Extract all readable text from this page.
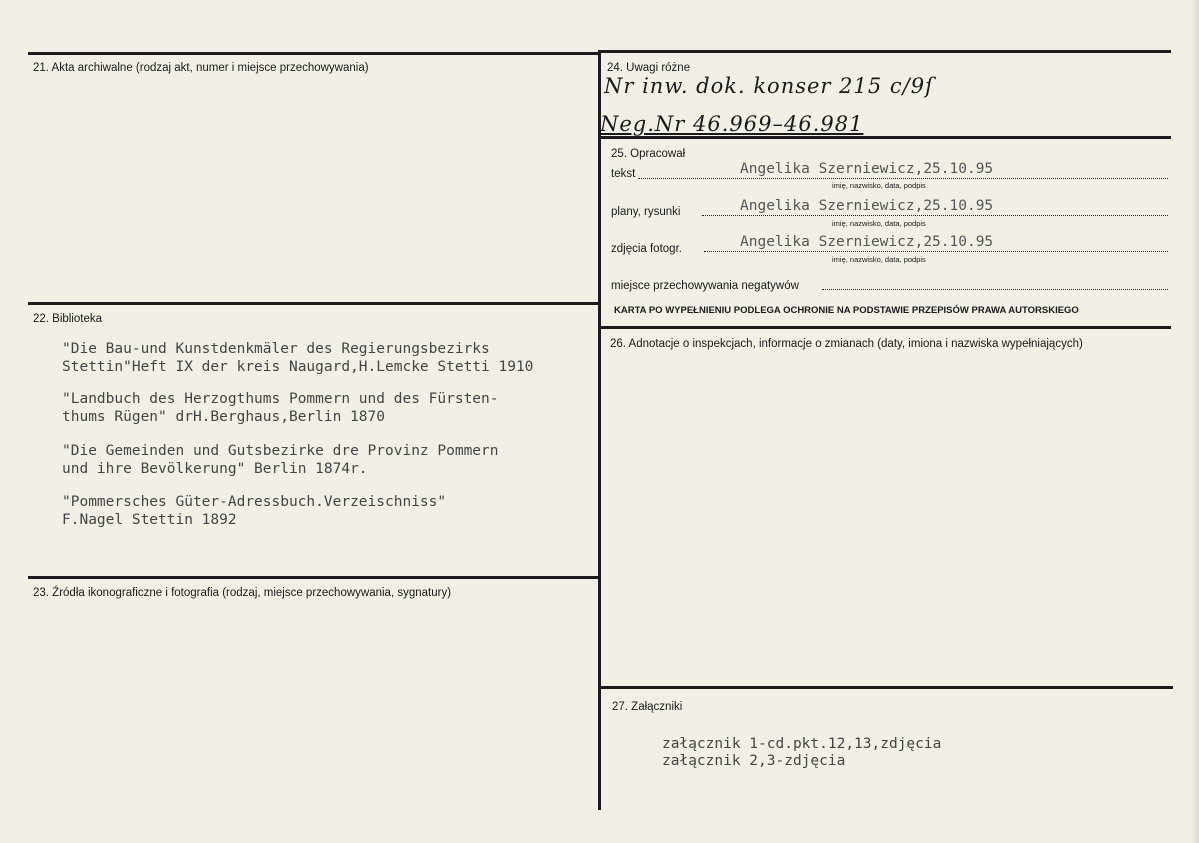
21. Akta archiwalne (rodzaj akt, numer i miejsce przechowywania)
22. Biblioteka
"Die Bau-und Kunstdenkmäler des Regierungsbezirks
Stettin"Heft IX der kreis Naugard,H.Lemcke Stetti 1910
"Landbuch des Herzogthums Pommern und des Fürsten-
thums Rügen" drH.Berghaus,Berlin 1870
"Die Gemeinden und Gutsbezirke dre Provinz Pommern
und ihre Bevölkerung" Berlin 1874r.
"Pommersches Güter-Adressbuch.Verzeischniss"
F.Nagel Stettin 1892
23. Źródła ikonograficzne i fotografia (rodzaj, miejsce przechowywania, sygnatury)
24. Uwagi różne
Nr inw. dok. konser 215 c/9ſ
Neg.Nr 46.969–46.981
25. Opracował
tekst	Angelika Szerniewicz,25.10.95
imię, nazwisko, data, podpis
plany, rysunki	Angelika Szerniewicz,25.10.95
imię, nazwisko, data, podpis
zdjęcia fotogr.	Angelika Szerniewicz,25.10.95
imię, nazwisko, data, podpis
miejsce przechowywania negatywów
KARTA PO WYPEŁNIENIU PODLEGA OCHRONIE NA PODSTAWIE PRZEPISÓW PRAWA AUTORSKIEGO
26. Adnotacje o inspekcjach, informacje o zmianach (daty, imiona i nazwiska wypełniających)
27. Załączniki
załącznik 1-cd.pkt.12,13,zdjęcia
załącznik 2,3-zdjęcia
